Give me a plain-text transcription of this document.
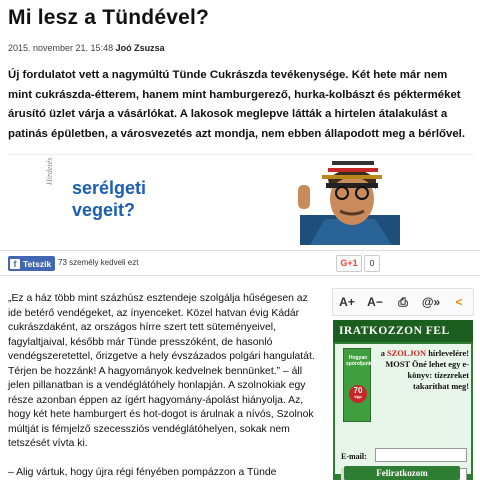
Mi lesz a Tündével?
2015. november 21. 15:48 Joó Zsuzsa
Új fordulatot vett a nagymúltú Tünde Cukrászda tevékenysége. Két hete már nem mint cukrászda-étterem, hanem mint hamburgerező, hurka-kolbászt és pékterméket árusító üzlet várja a vásárlókat. A lakosok meglepve látták a hirtelen átalakulást a patinás épületben, a városvezetés azt mondja, nem ebben állapodott meg a bérlővel.
Hirdetés
serélgeti
vegeit?
f Tetszik 73 személy kedveli ezt	G+1	0

„Ez a ház több mint százhúsz esztendeje szolgálja hűségesen az ide betérő vendégeket, az ínyenceket. Közel hatvan évig Kádár cukrászdaként, az országos hírre szert tett süteményeivel, fagylaltjaival, később már Tünde presszóként, de hasonló vendégszeretettel, őrizgetve a hely évszázados polgári hangulatát. Térjen be hozzánk! A hagyományok kedvelnek bennünket.” – áll jelen pillanatban is a vendéglátóhely honlapján. A szolnokiak egy része azonban éppen az ígért hagyomány-ápolást hiányolja. Az, hogy két hete hamburgert és hot-dogot is árulnak a nívós, Szolnok múltját is fémjelző szecessziós vendéglátóhelyen, sokak nem tetszését vívta ki.

– Alig vártuk, hogy újra régi fényében pompázzon a Tünde

A+ A−	⎙	@»	<
IRATKOZZON FEL
Hogyan spóroljunk?
70
tipp
a SZOLJON hírlevelére! MOST Öné lehet egy e-könyv: tízezreket takaríthat meg!
E-mail:
Feliratkozom
